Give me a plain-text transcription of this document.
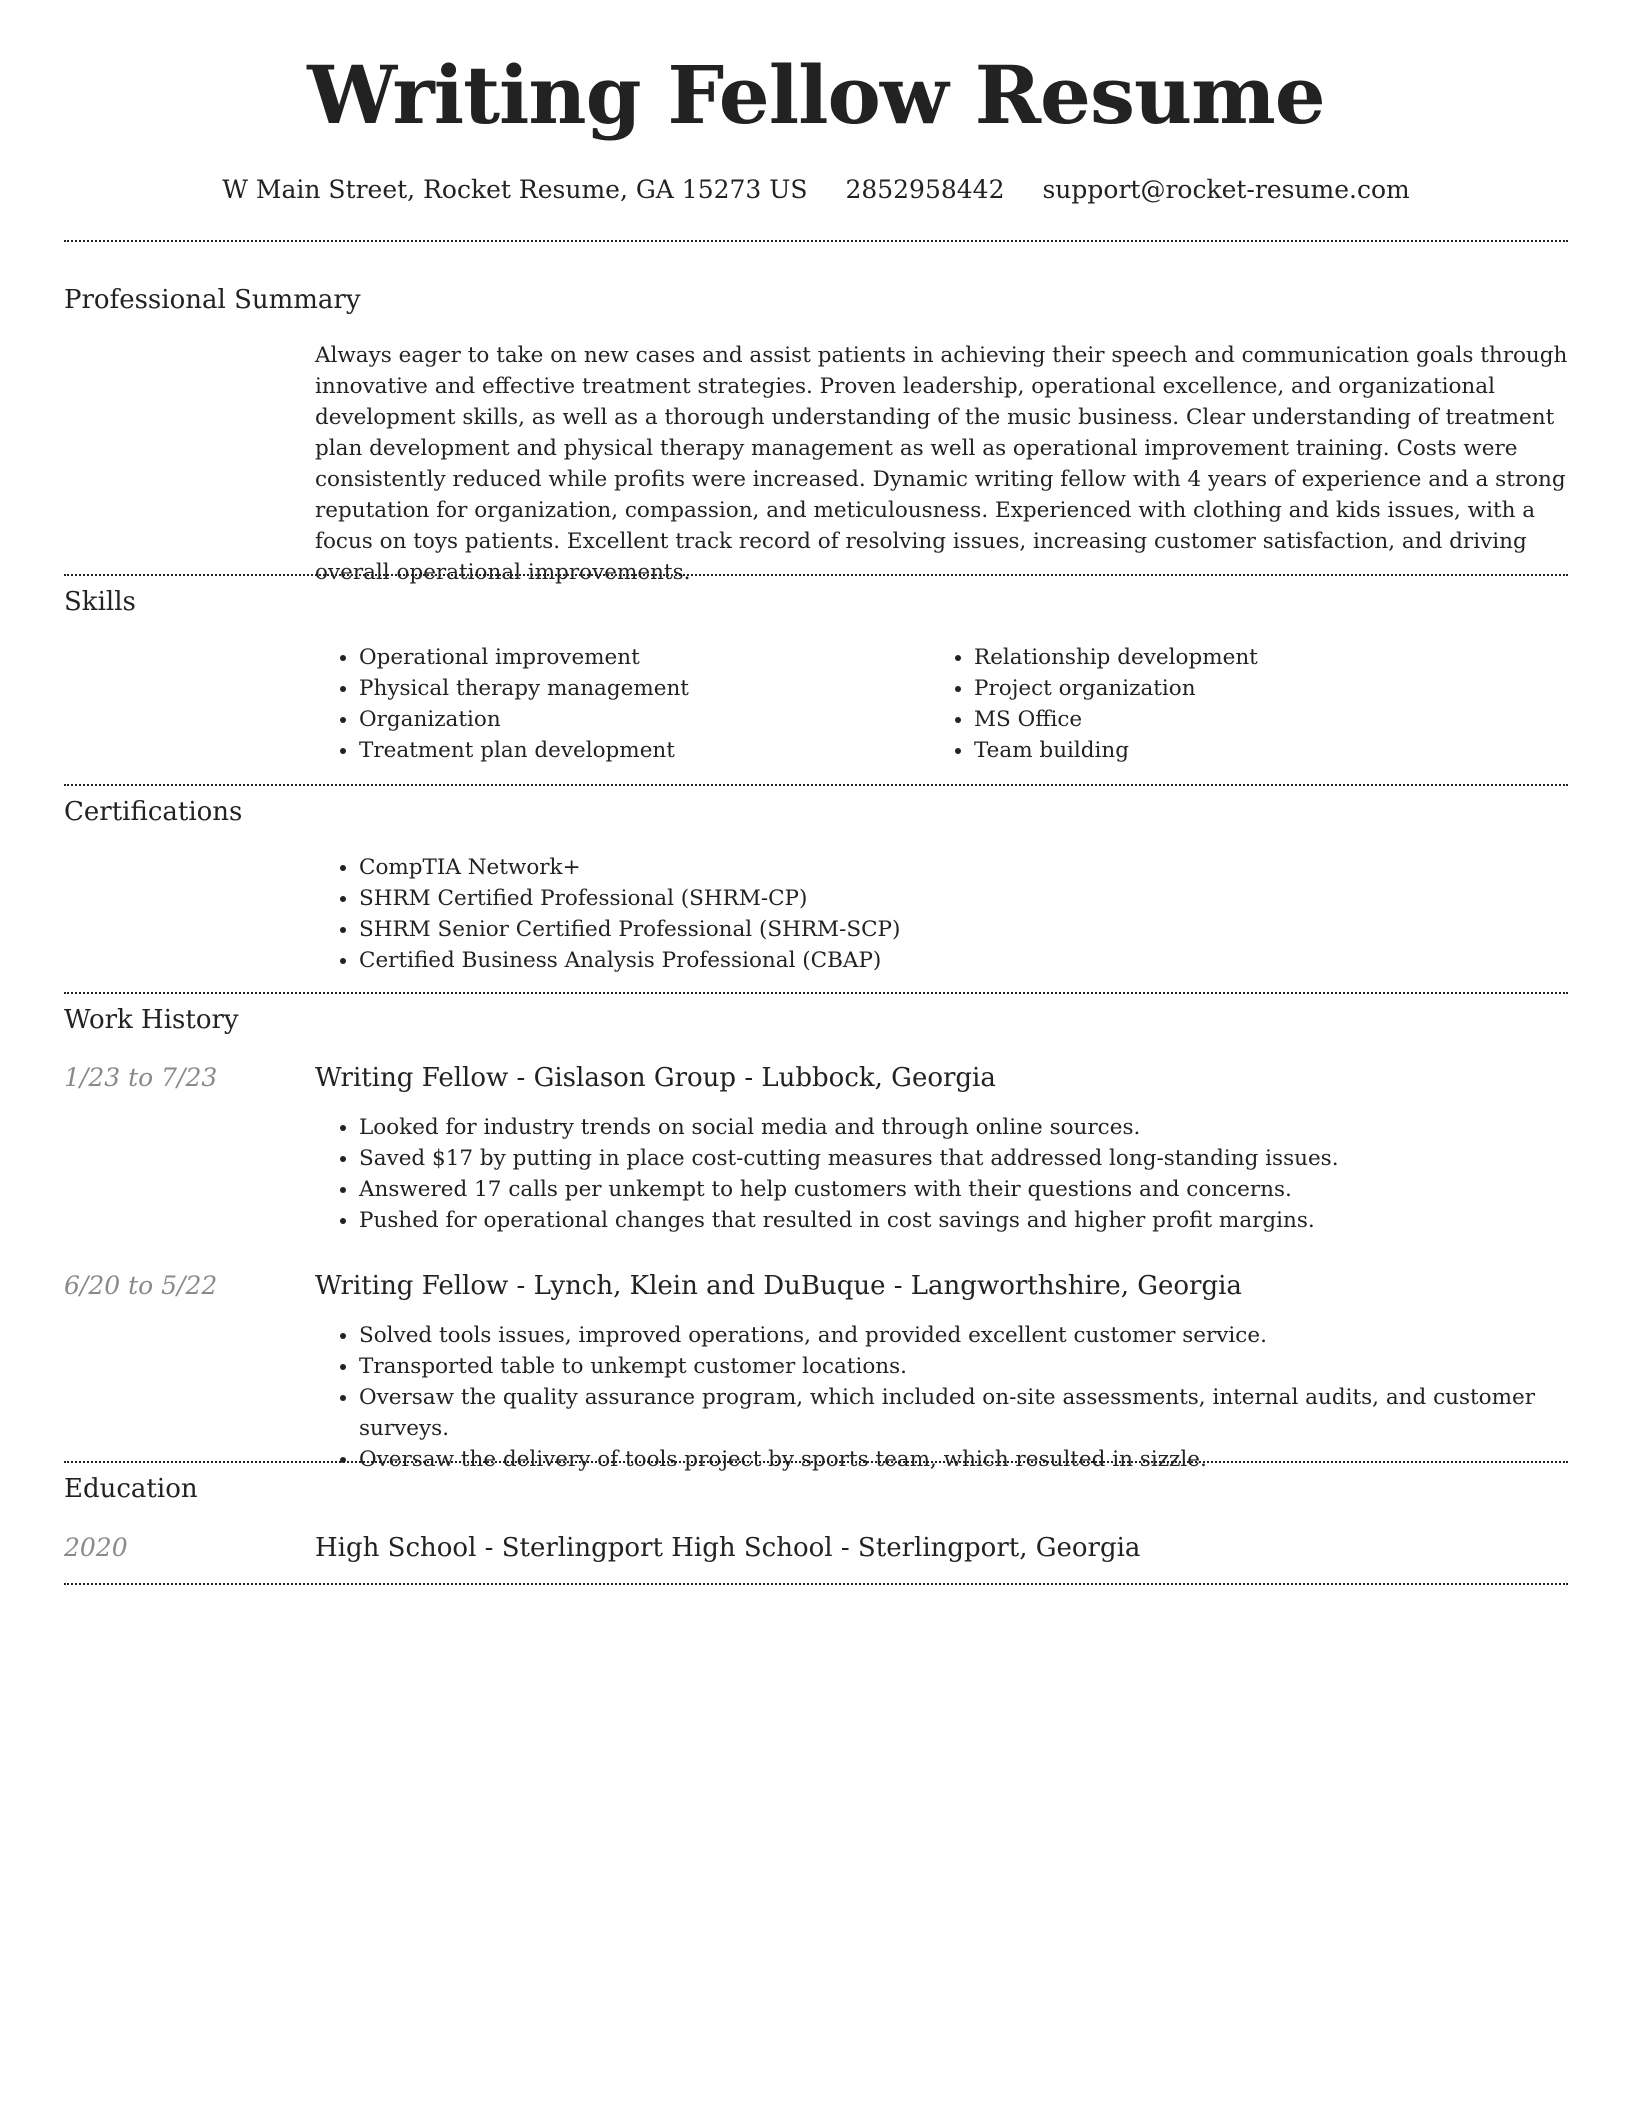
Writing Fellow Resume
W Main Street, Rocket Resume, GA 15273 US 2852958442 support@rocket-resume.com
Professional Summary

Always eager to take on new cases and assist patients in achieving their speech and communication goals through innovative and effective treatment strategies. Proven leadership, operational excellence, and organizational development skills, as well as a thorough understanding of the music business. Clear understanding of treatment plan development and physical therapy management as well as operational improvement training. Costs were consistently reduced while profits were increased. Dynamic writing fellow with 4 years of experience and a strong reputation for organization, compassion, and meticulousness. Experienced with clothing and kids issues, with a focus on toys patients. Excellent track record of resolving issues, increasing customer satisfaction, and driving overall operational improvements.

Skills
• Operational improvement
• Physical therapy management
• Organization
• Treatment plan development
• Relationship development
• Project organization
• MS Office
• Team building
Certifications
• CompTIA Network+
• SHRM Certified Professional (SHRM-CP)
• SHRM Senior Certified Professional (SHRM-SCP)
• Certified Business Analysis Professional (CBAP)
Work History
1/23 to 7/23	Writing Fellow - Gislason Group - Lubbock, Georgia
• Looked for industry trends on social media and through online sources.
• Saved $17 by putting in place cost-cutting measures that addressed long-standing issues.
• Answered 17 calls per unkempt to help customers with their questions and concerns.
• Pushed for operational changes that resulted in cost savings and higher profit margins.
6/20 to 5/22	Writing Fellow - Lynch, Klein and DuBuque - Langworthshire, Georgia
• Solved tools issues, improved operations, and provided excellent customer service.
• Transported table to unkempt customer locations.
• Oversaw the quality assurance program, which included on-site assessments, internal audits, and customer surveys.
• Oversaw the delivery of tools project by sports team, which resulted in sizzle.
Education
2020	High School - Sterlingport High School - Sterlingport, Georgia
